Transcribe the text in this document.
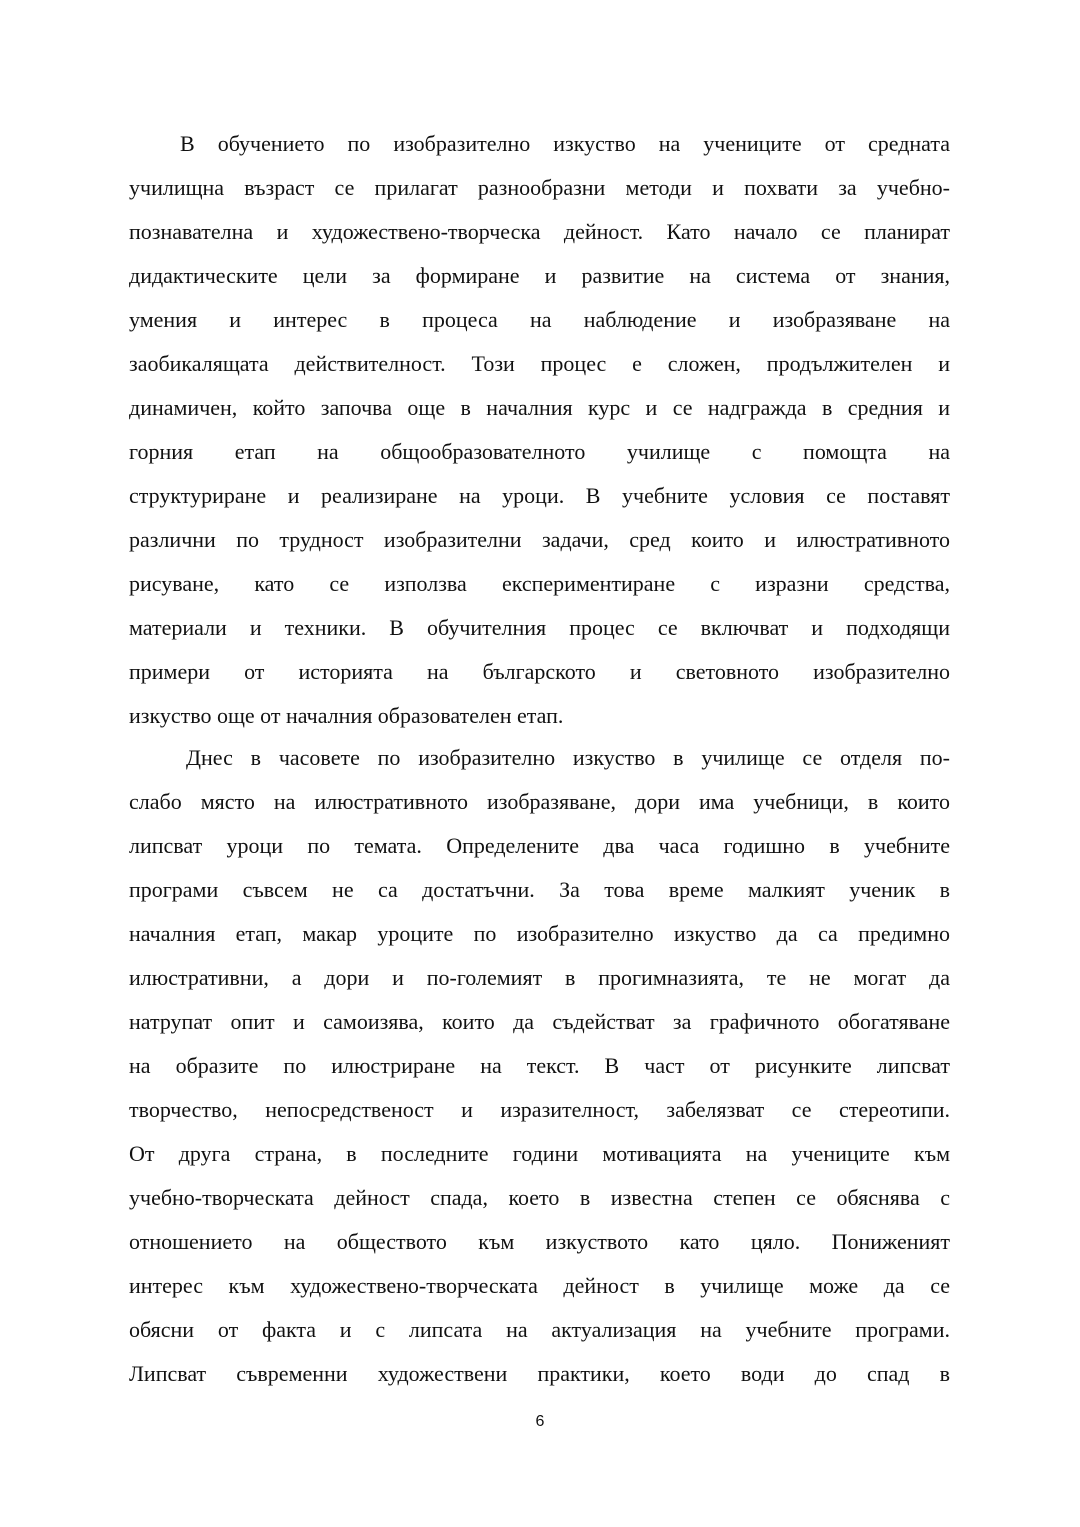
В обучението по изобразително изкуство на учениците от средната
училищна възраст се прилагат разнообразни методи и похвати за учебно-
познавателна и художествено-творческа дейност. Като начало се планират
дидактическите цели за формиране и развитие на система от знания,
умения и интерес в процеса на наблюдение и изобразяване на
заобикалящата действителност. Този процес е сложен, продължителен и
динамичен, който започва още в началния курс и се надгражда в средния и
горния етап на общообразователното училище с помощта на
структуриране и реализиране на уроци. В учебните условия се поставят
различни по трудност изобразителни задачи, сред които и илюстративното
рисуване, като се използва експериментиране с изразни средства,
материали и техники. В обучителния процес се включват и подходящи
примери от историята на българското и световното изобразително
изкуство още от началния образователен етап.
Днес в часовете по изобразително изкуство в училище се отделя по-
слабо място на илюстративното изобразяване, дори има учебници, в които
липсват уроци по темата. Определените два часа годишно в учебните
програми съвсем не са достатъчни. За това време малкият ученик в
началния етап, макар уроците по изобразително изкуство да са предимно
илюстративни, а дори и по-големият в прогимназията, те не могат да
натрупат опит и самоизява, които да съдействат за графичното обогатяване
на образите по илюстриране на текст. В част от рисунките липсват
творчество, непосредственост и изразителност, забелязват се стереотипи.
От друга страна, в последните години мотивацията на учениците към
учебно-творческата дейност спада, което в известна степен се обяснява с
отношението на обществото към изкуството като цяло. Пониженият
интерес към художествено-творческата дейност в училище може да се
обясни от факта и с липсата на актуализация на учебните програми.
Липсват съвременни художествени практики, което води до спад в
6
